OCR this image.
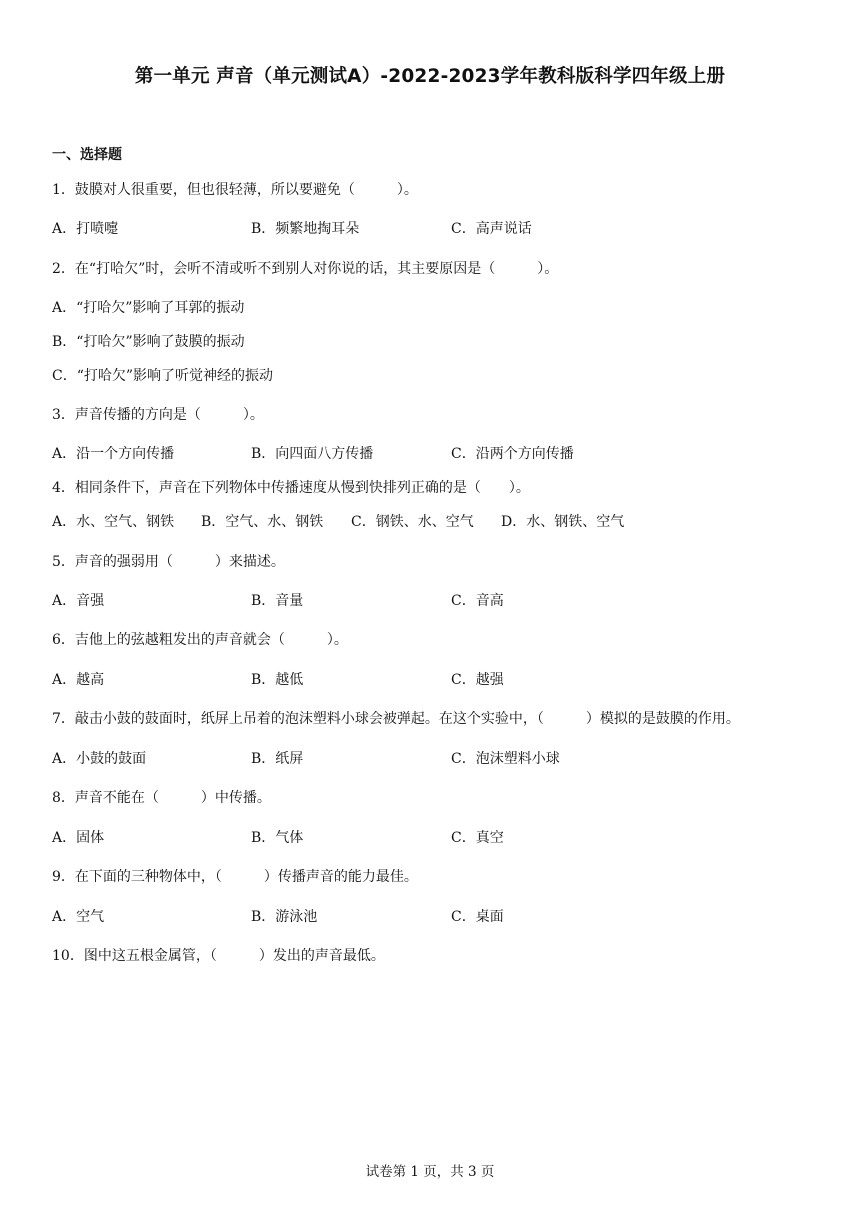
第一单元 声音（单元测试A）-2022-2023学年教科版科学四年级上册
一、选择题
1．鼓膜对人很重要，但也很轻薄，所以要避免（　　　）。
A．打喷嚏	B．频繁地掏耳朵	C．高声说话
2．在“打哈欠”时，会听不清或听不到别人对你说的话，其主要原因是（　　　）。
A．“打哈欠”影响了耳郭的振动
B．“打哈欠”影响了鼓膜的振动
C．“打哈欠”影响了听觉神经的振动
3．声音传播的方向是（　　　）。
A．沿一个方向传播	B．向四面八方传播	C．沿两个方向传播
4．相同条件下，声音在下列物体中传播速度从慢到快排列正确的是（　　）。
A．水、空气、钢铁 B．空气、水、钢铁 C．钢铁、水、空气 D．水、钢铁、空气
5．声音的强弱用（　　　）来描述。
A．音强	B．音量	C．音高
6．吉他上的弦越粗发出的声音就会（　　　）。
A．越高	B．越低	C．越强
7．敲击小鼓的鼓面时，纸屏上吊着的泡沫塑料小球会被弹起。在这个实验中，（　　　）模拟的是鼓膜的作用。
A．小鼓的鼓面	B．纸屏	C．泡沫塑料小球
8．声音不能在（　　　）中传播。
A．固体	B．气体	C．真空
9．在下面的三种物体中，（　　　）传播声音的能力最佳。
A．空气	B．游泳池	C．桌面
10．图中这五根金属管，（　　　）发出的声音最低。
试卷第 1 页，共 3 页
